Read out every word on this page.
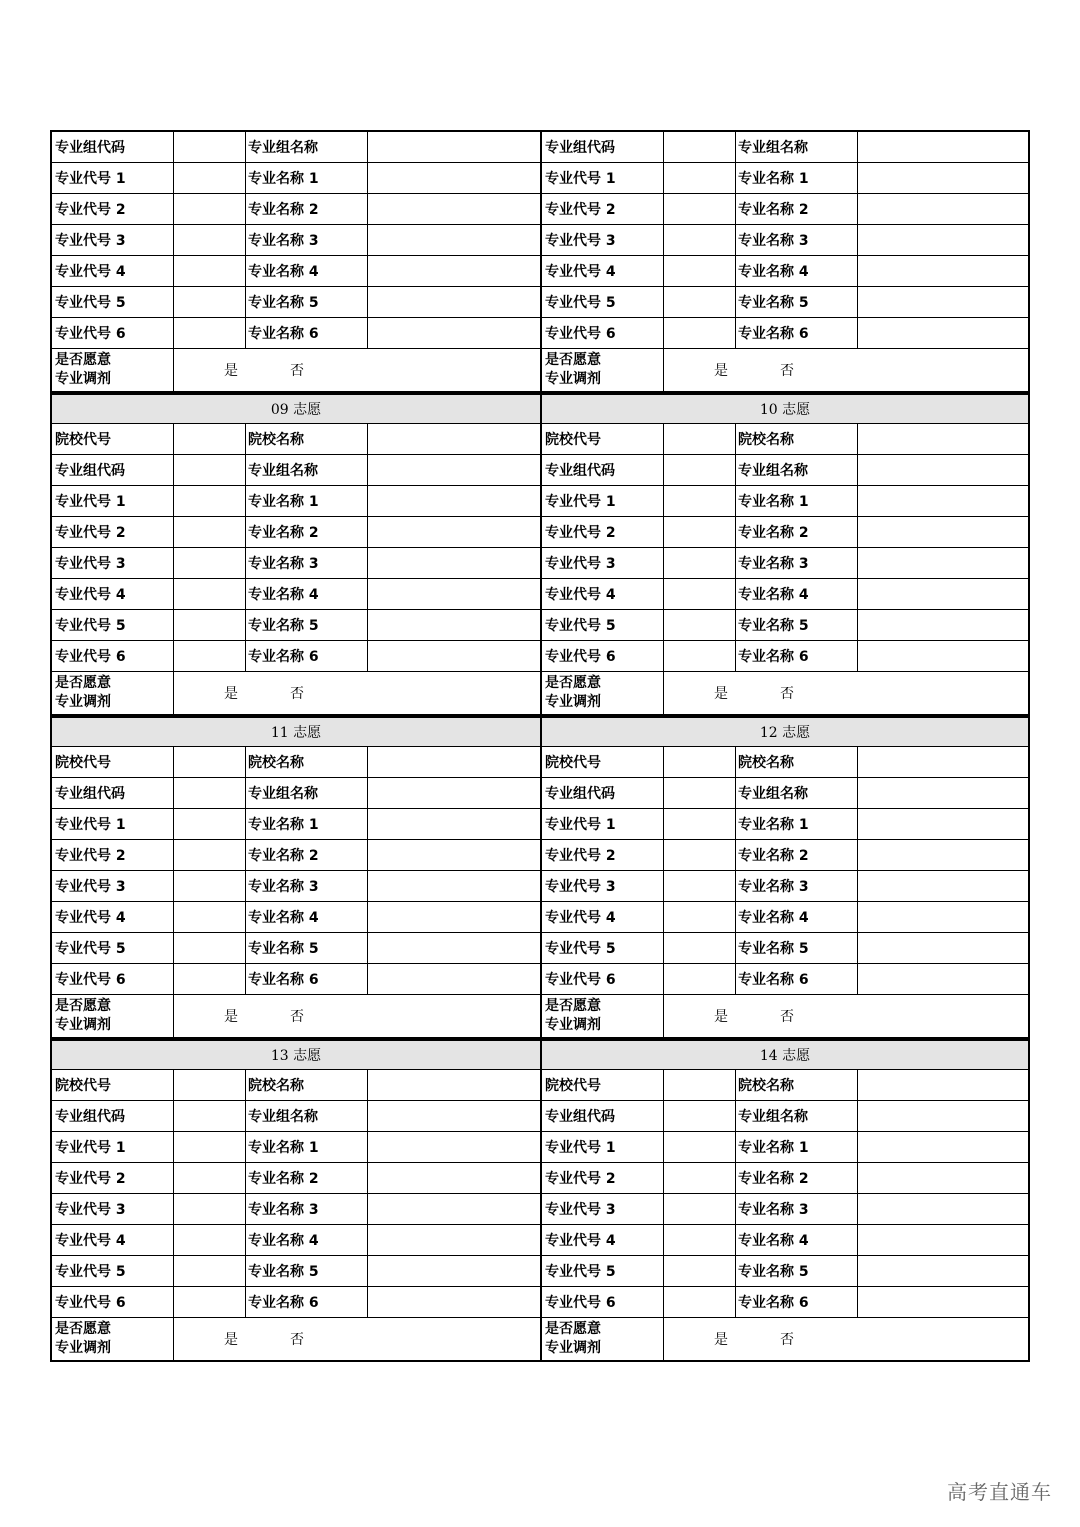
专业组代码	专业组名称
专业代号 1	专业名称 1
专业代号 2	专业名称 2
专业代号 3	专业名称 3
专业代号 4	专业名称 4
专业代号 5	专业名称 5
专业代号 6	专业名称 6
是否愿意
专业调剂	是	否
专业组代码	专业组名称
专业代号 1	专业名称 1
专业代号 2	专业名称 2
专业代号 3	专业名称 3
专业代号 4	专业名称 4
专业代号 5	专业名称 5
专业代号 6	专业名称 6
是否愿意
专业调剂	是	否
09 志愿
院校代号	院校名称
专业组代码	专业组名称
专业代号 1	专业名称 1
专业代号 2	专业名称 2
专业代号 3	专业名称 3
专业代号 4	专业名称 4
专业代号 5	专业名称 5
专业代号 6	专业名称 6
是否愿意
专业调剂	是	否
10 志愿
院校代号	院校名称
专业组代码	专业组名称
专业代号 1	专业名称 1
专业代号 2	专业名称 2
专业代号 3	专业名称 3
专业代号 4	专业名称 4
专业代号 5	专业名称 5
专业代号 6	专业名称 6
是否愿意
专业调剂	是	否
11 志愿
院校代号	院校名称
专业组代码	专业组名称
专业代号 1	专业名称 1
专业代号 2	专业名称 2
专业代号 3	专业名称 3
专业代号 4	专业名称 4
专业代号 5	专业名称 5
专业代号 6	专业名称 6
是否愿意
专业调剂	是	否
12 志愿
院校代号	院校名称
专业组代码	专业组名称
专业代号 1	专业名称 1
专业代号 2	专业名称 2
专业代号 3	专业名称 3
专业代号 4	专业名称 4
专业代号 5	专业名称 5
专业代号 6	专业名称 6
是否愿意
专业调剂	是	否
13 志愿
院校代号	院校名称
专业组代码	专业组名称
专业代号 1	专业名称 1
专业代号 2	专业名称 2
专业代号 3	专业名称 3
专业代号 4	专业名称 4
专业代号 5	专业名称 5
专业代号 6	专业名称 6
是否愿意
专业调剂	是	否
14 志愿
院校代号	院校名称
专业组代码	专业组名称
专业代号 1	专业名称 1
专业代号 2	专业名称 2
专业代号 3	专业名称 3
专业代号 4	专业名称 4
专业代号 5	专业名称 5
专业代号 6	专业名称 6
是否愿意
专业调剂	是	否
高考直通车
